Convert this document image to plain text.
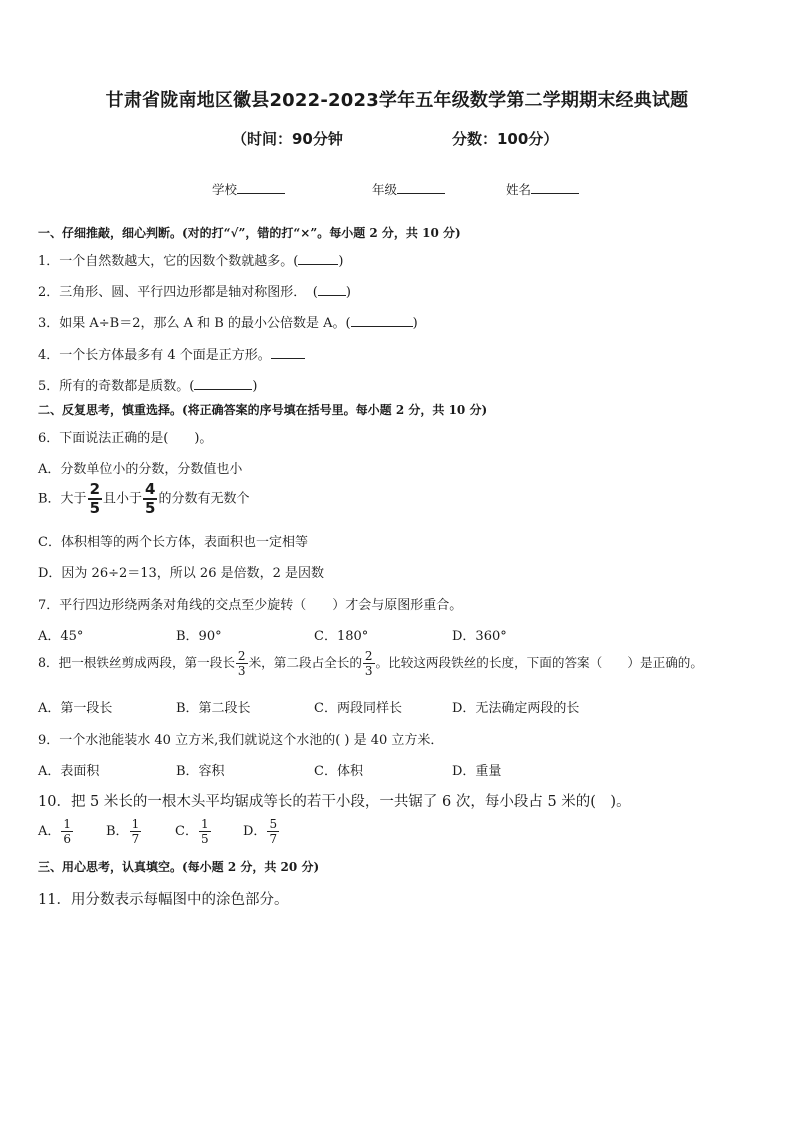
甘肃省陇南地区徽县2022-2023学年五年级数学第二学期期末经典试题
（时间：90分钟	分数：100分）
学校	年级	姓名
一、仔细推敲，细心判断。(对的打“√”，错的打“×”。每小题 2 分，共 10 分)
1．一个自然数越大，它的因数个数就越多。(	)
2．三角形、圆、平行四边形都是轴对称图形．　( )
3．如果 A÷B＝2，那么 A 和 B 的最小公倍数是 A。(	)
4．一个长方体最多有 4 个面是正方形。
5．所有的奇数都是质数。(	)
二、反复思考，慎重选择。(将正确答案的序号填在括号里。每小题 2 分，共 10 分)
6．下面说法正确的是(　　)。
A．分数单位小的分数，分数值也小
B．大于 $\frac{2}{5}$ 且小于 $\frac{4}{5}$ 的分数有无数个
C．体积相等的两个长方体，表面积也一定相等
D．因为 26÷2＝13，所以 26 是倍数，2 是因数
7．平行四边形绕两条对角线的交点至少旋转（　　）才会与原图形重合。
A．45°	B．90°	C．180°	D．360°
8．把一根铁丝剪成两段，第一段长 $\frac{2}{3}$ 米，第二段占全长的 $\frac{2}{3}$ 。比较这两段铁丝的长度，下面的答案（　　）是正确的。
A．第一段长	B．第二段长	C．两段同样长	D．无法确定两段的长
9．一个水池能装水 40 立方米,我们就说这个水池的( ) 是 40 立方米．
A．表面积	B．容积	C．体积	D．重量
10．把 5 米长的一根木头平均锯成等长的若干小段，一共锯了 6 次，每小段占 5 米的(　)。
A． $\frac{1}{6}$	B． $\frac{1}{7}$	C． $\frac{1}{5}$ D． $\frac{5}{7}$
三、用心思考，认真填空。(每小题 2 分，共 20 分)
11．用分数表示每幅图中的涂色部分。
